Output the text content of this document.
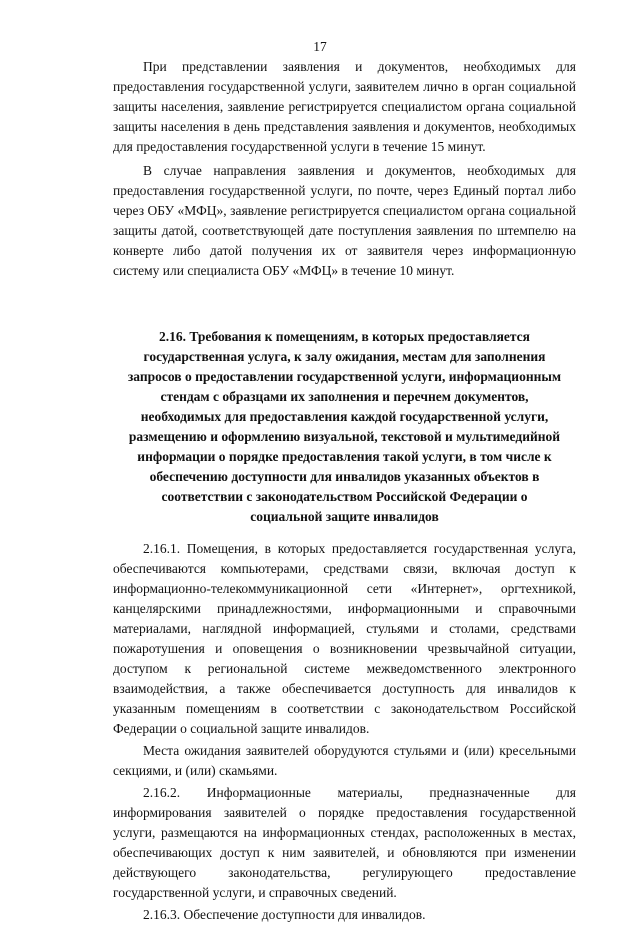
17

При представлении заявления и документов, необходимых для предоставления государственной услуги, заявителем лично в орган социальной защиты населения, заявление регистрируется специалистом органа социальной защиты населения в день представления заявления и документов, необходимых для предоставления государственной услуги в течение 15 минут.

В случае направления заявления и документов, необходимых для предоставления государственной услуги, по почте, через Единый портал либо через ОБУ «МФЦ», заявление регистрируется специалистом органа социальной защиты датой, соответствующей дате поступления заявления по штемпелю на конверте либо датой получения их от заявителя через информационную систему или специалиста ОБУ «МФЦ» в течение 10 минут.

2.16. Требования к помещениям, в которых предоставляется
государственная услуга, к залу ожидания, местам для заполнения
запросов о предоставлении государственной услуги, информационным
стендам с образцами их заполнения и перечнем документов,
необходимых для предоставления каждой государственной услуги,
размещению и оформлению визуальной, текстовой и мультимедийной
информации о порядке предоставления такой услуги, в том числе к
обеспечению доступности для инвалидов указанных объектов в
соответствии с законодательством Российской Федерации о
социальной защите инвалидов

2.16.1. Помещения, в которых предоставляется государственная услуга, обеспечиваются компьютерами, средствами связи, включая доступ к информационно-телекоммуникационной сети «Интернет», оргтехникой, канцелярскими принадлежностями, информационными и справочными материалами, наглядной информацией, стульями и столами, средствами пожаротушения и оповещения о возникновении чрезвычайной ситуации, доступом к региональной системе межведомственного электронного взаимодействия, а также обеспечивается доступность для инвалидов к указанным помещениям в соответствии с законодательством Российской Федерации о социальной защите инвалидов.

Места ожидания заявителей оборудуются стульями и (или) кресельными секциями, и (или) скамьями.

2.16.2. Информационные материалы, предназначенные для информирования заявителей о порядке предоставления государственной услуги, размещаются на информационных стендах, расположенных в местах, обеспечивающих доступ к ним заявителей, и обновляются при изменении действующего законодательства, регулирующего предоставление государственной услуги, и справочных сведений.

2.16.3. Обеспечение доступности для инвалидов.
